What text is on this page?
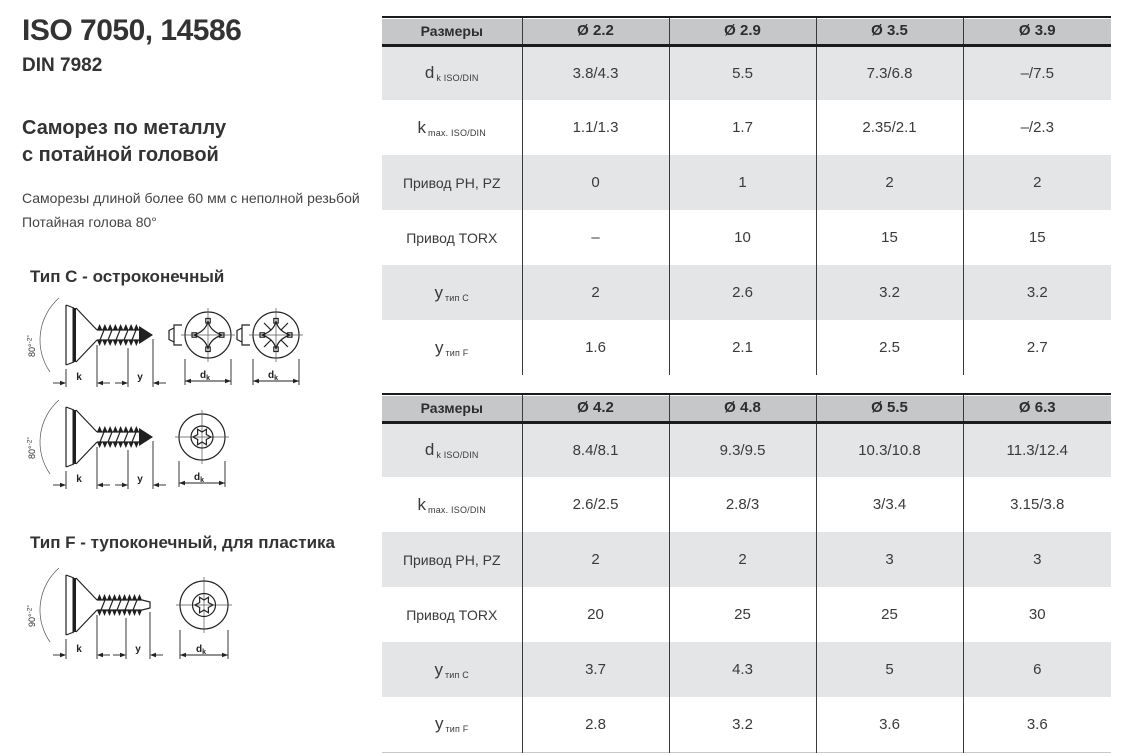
ISO 7050, 14586
DIN 7982
Саморез по металлу
с потайной головой
Саморезы длиной более 60 мм с неполной резьбой
Потайная голова 80°
Тип C - остроконечный
80°$^{-2^\circ}$
k	y	$d_k$	$d_k$
80°$^{-2^\circ}$
k	y	$d_k$
Тип F - тупоконечный, для пластика
90°$^{-2^\circ}$
k	y	$d_k$
Размеры	Ø 2.2	Ø 2.9	Ø 3.5	Ø 3.9
d $_{k ISO/DIN}$	3.8/4.3	5.5	7.3/6.8	–/7.5
k $_{max. ISO/DIN}$	1.1/1.3	1.7	2.35/2.1	–/2.3
Привод PH, PZ	0	1	2	2
Привод TORX	–	10	15	15
y $_{тип C}$	2	2.6	3.2	3.2
y $_{тип F}$	1.6	2.1	2.5	2.7
Размеры	Ø 4.2	Ø 4.8	Ø 5.5	Ø 6.3
d $_{k ISO/DIN}$	8.4/8.1	9.3/9.5	10.3/10.8	11.3/12.4
k $_{max. ISO/DIN}$	2.6/2.5	2.8/3	3/3.4	3.15/3.8
Привод PH, PZ	2	2	3	3
Привод TORX	20	25	25	30
y $_{тип C}$	3.7	4.3	5	6
y $_{тип F}$	2.8	3.2	3.6	3.6
